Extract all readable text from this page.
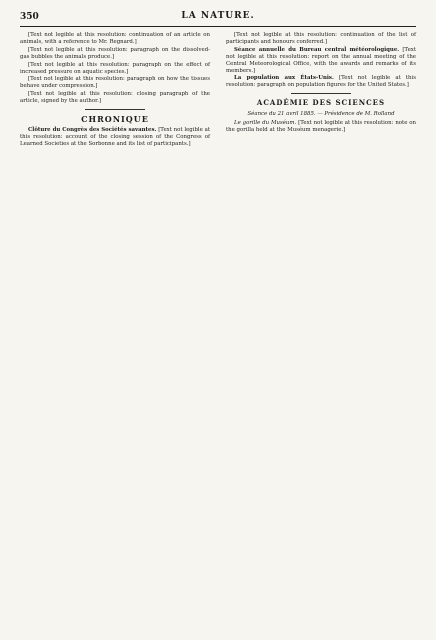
350	LA NATURE.

[Text not legible at this resolution: continuation of an article on animals, with a reference to Mr. Regnard.]

[Text not legible at this resolution: paragraph on the dissolved-gas bubbles the animals produce.]

[Text not legible at this resolution: paragraph on the effect of increased pressure on aquatic species.]

[Text not legible at this resolution: paragraph on how the tissues behave under compression.]

[Text not legible at this resolution: closing paragraph of the article, signed by the author.]

CHRONIQUE

Clôture du Congrès des Sociétés savantes. [Text not legible at this resolution: account of the closing session of the Congress of Learned Societies at the Sorbonne and its list of participants.]

[Text not legible at this resolution: continuation of the list of participants and honours conferred.]

Séance annuelle du Bureau central météorologique. [Text not legible at this resolution: report on the annual meeting of the Central Meteorological Office, with the awards and remarks of its members.]

La population aux États-Unis. [Text not legible at this resolution: paragraph on population figures for the United States.]

ACADÉMIE DES SCIENCES
Séance du 21 avril 1885. — Présidence de M. Rolland

Le gorille du Muséum. [Text not legible at this resolution: note on the gorilla held at the Muséum menagerie.]
